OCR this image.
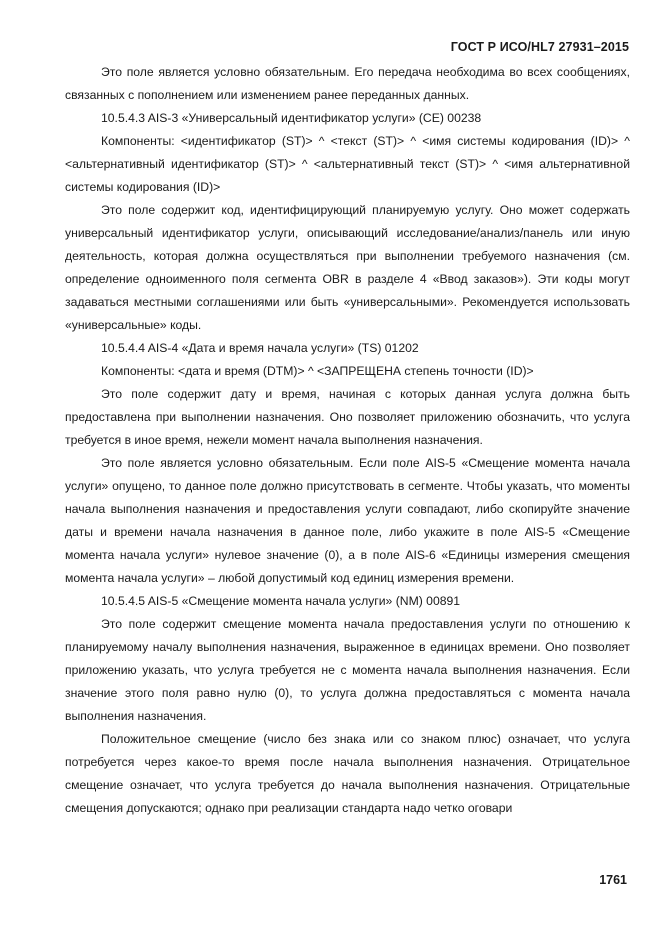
ГОСТ Р ИСО/HL7 27931–2015

Это поле является условно обязательным. Его передача необходима во всех сообщениях, связанных с пополнением или изменением ранее переданных данных.

10.5.4.3 AIS-3 «Универсальный идентификатор услуги» (CE) 00238

Компоненты: <идентификатор (ST)> ^ <текст (ST)> ^ <имя системы кодирования (ID)> ^ <альтернативный идентификатор (ST)> ^ <альтернативный текст (ST)> ^ <имя альтернативной системы кодирования (ID)>

Это поле содержит код, идентифицирующий планируемую услугу. Оно может содержать универсальный идентификатор услуги, описывающий исследование/анализ/панель или иную деятельность, которая должна осуществляться при выполнении требуемого назначения (см. определение одноименного поля сегмента OBR в разделе 4 «Ввод заказов»). Эти коды могут задаваться местными соглашениями или быть «универсальными». Рекомендуется использовать «универсальные» коды.

10.5.4.4 AIS-4 «Дата и время начала услуги» (TS) 01202

Компоненты: <дата и время (DTM)> ^ <ЗАПРЕЩЕНА степень точности (ID)>

Это поле содержит дату и время, начиная с которых данная услуга должна быть предоставлена при выполнении назначения. Оно позволяет приложению обозначить, что услуга требуется в иное время, нежели момент начала выполнения назначения.

Это поле является условно обязательным. Если поле AIS-5 «Смещение момента начала услуги» опущено, то данное поле должно присутствовать в сегменте. Чтобы указать, что моменты начала выполнения назначения и предоставления услуги совпадают, либо скопируйте значение даты и времени начала назначения в данное поле, либо укажите в поле AIS-5 «Смещение момента начала услуги» нулевое значение (0), а в поле AIS-6 «Единицы измерения смещения момента начала услуги» – любой допустимый код единиц измерения времени.

10.5.4.5 AIS-5 «Смещение момента начала услуги» (NM) 00891

Это поле содержит смещение момента начала предоставления услуги по отношению к планируемому началу выполнения назначения, выраженное в единицах времени. Оно позволяет приложению указать, что услуга требуется не с момента начала выполнения назначения. Если значение этого поля равно нулю (0), то услуга должна предоставляться с момента начала выполнения назначения.

Положительное смещение (число без знака или со знаком плюс) означает, что услуга потребуется через какое-то время после начала выполнения назначения. Отрицательное смещение означает, что услуга требуется до начала выполнения назначения. Отрицательные смещения допускаются; однако при реализации стандарта надо четко оговари

1761
